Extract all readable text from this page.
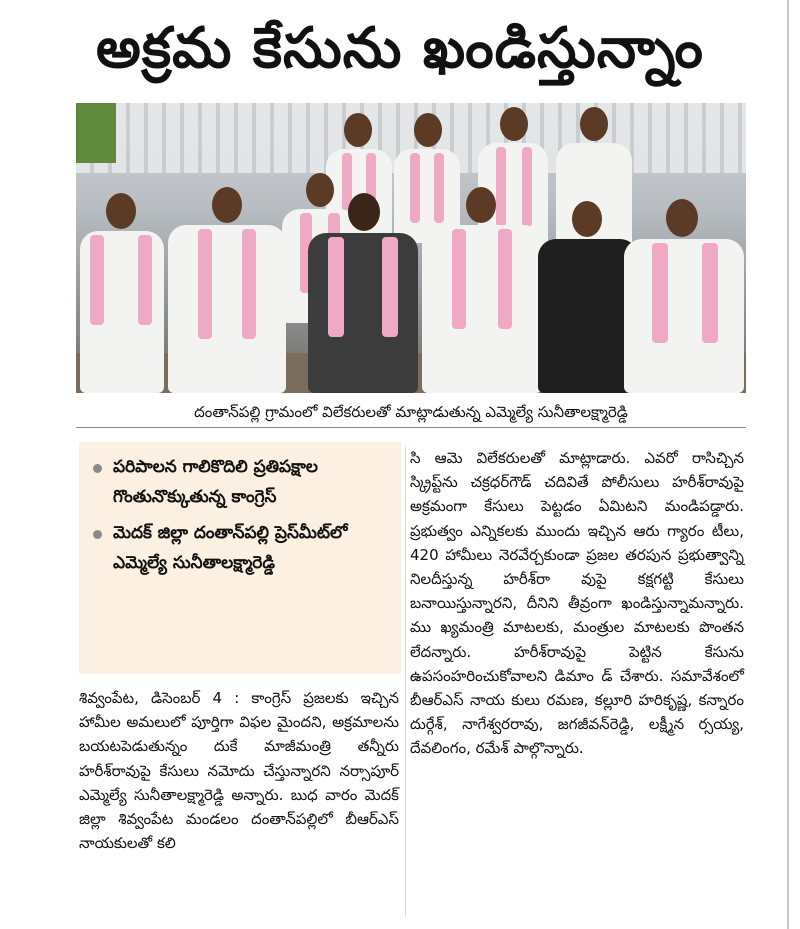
అక్రమ కేసును ఖండిస్తున్నాం
దంతాన్‌పల్లి గ్రామంలో విలేకరులతో మాట్లాడుతున్న ఎమ్మెల్యే సునీతాలక్ష్మారెడ్డి
పరిపాలన గాలికొదిలి ప్రతిపక్షాల గొంతునొక్కుతున్న కాంగ్రెస్
మెదక్ జిల్లా దంతాన్‌పల్లి ప్రెస్‌మీట్‌లో ఎమ్మెల్యే సునీతాలక్ష్మారెడ్డి
శివ్వంపేట, డిసెంబర్ 4 : కాంగ్రెస్ ప్రజలకు ఇచ్చిన హామీల అమలులో పూర్తిగా విఫల మైందని, అక్రమాలను బయటపెడుతున్నం దుకే మాజీమంత్రి తన్నీరు హరీశ్‌రావుపై కేసులు నమోదు చేస్తున్నారని నర్సాపూర్ ఎమ్మెల్యే సునీతాలక్ష్మారెడ్డి అన్నారు. బుధ వారం మెదక్ జిల్లా శివ్వంపేట మండలం దంతాన్‌పల్లిలో బీఆర్‌ఎస్ నాయకులతో కలి
సి ఆమె విలేకరులతో మాట్లాడారు. ఎవరో రాసిచ్చిన స్క్రిప్ట్‌ను చక్రధర్‌గౌడ్ చదివితే పోలీసులు హరీశ్‌రావుపై అక్రమంగా కేసులు పెట్టడం ఏమిటని మండిపడ్డారు. ప్రభుత్వం ఎన్నికలకు ముందు ఇచ్చిన ఆరు గ్యారం టీలు, 420 హామీలు నెరవేర్చకుండా ప్రజల తరపున ప్రభుత్వాన్ని నిలదీస్తున్న హరీశ్‌రా వుపై కక్షగట్టి కేసులు బనాయిస్తున్నారని, దీనిని తీవ్రంగా ఖండిస్తున్నామన్నారు. ము ఖ్యమంత్రి మాటలకు, మంత్రుల మాటలకు పొంతన లేదన్నారు. హరీశ్‌రావుపై పెట్టిన కేసును ఉపసంహరించుకోవాలని డిమాం డ్ చేశారు. సమావేశంలో బీఆర్‌ఎస్ నాయ కులు రమణ, కల్లూరి హరికృష్ణ, కన్నారం దుర్గేశ్, నాగేశ్వరరావు, జగజీవన్‌రెడ్డి, లక్ష్మీన ర్సయ్య, దేవలింగం, రమేశ్ పాల్గొన్నారు.
